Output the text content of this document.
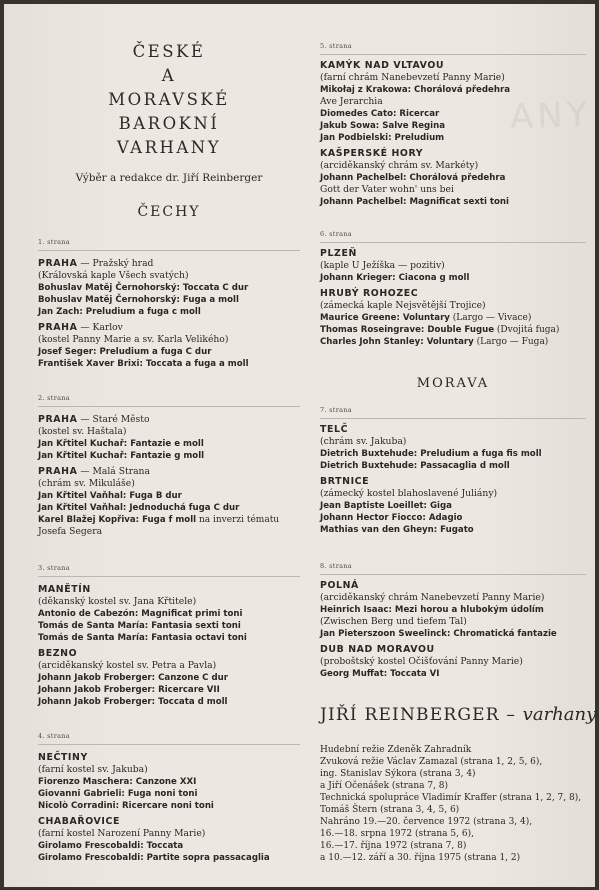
ANY
ČESKÉ
A
MORAVSKÉ
BAROKNÍ
VARHANY
Výběr a redakce dr. Jiří Reinberger
ČECHY
1. strana
PRAHA — Pražský hrad
(Královská kaple Všech svatých)
Bohuslav Matěj Černohorský: Toccata C dur
Bohuslav Matěj Černohorský: Fuga a moll
Jan Zach: Preludium a fuga c moll
PRAHA — Karlov
(kostel Panny Marie a sv. Karla Velikého)
Josef Seger: Preludium a fuga C dur
František Xaver Brixi: Toccata a fuga a moll
2. strana
PRAHA — Staré Město
(kostel sv. Haštala)
Jan Křtitel Kuchař: Fantazie e moll
Jan Křtitel Kuchař: Fantazie g moll
PRAHA — Malá Strana
(chrám sv. Mikuláše)
Jan Křtitel Vaňhal: Fuga B dur
Jan Křtitel Vaňhal: Jednoduchá fuga C dur
Karel Blažej Kopřiva: Fuga f moll na inverzi tématu
Josefa Segera
3. strana
MANĚTÍN
(děkanský kostel sv. Jana Křtitele)
Antonio de Cabezón: Magnificat primi toni
Tomás de Santa María: Fantasia sexti toni
Tomás de Santa María: Fantasia octavi toni
BEZNO
(arciděkanský kostel sv. Petra a Pavla)
Johann Jakob Froberger: Canzone C dur
Johann Jakob Froberger: Ricercare VII
Johann Jakob Froberger: Toccata d moll
4. strana
NEČTINY
(farní kostel sv. Jakuba)
Fiorenzo Maschera: Canzone XXI
Giovanni Gabrieli: Fuga noni toni
Nicolò Corradini: Ricercare noni toni
CHABAŘOVICE
(farní kostel Narození Panny Marie)
Girolamo Frescobaldi: Toccata
Girolamo Frescobaldi: Partite sopra passacaglia
5. strana
KAMÝK NAD VLTAVOU
(farní chrám Nanebevzetí Panny Marie)
Mikołaj z Krakowa: Chorálová předehra
Ave Jerarchia
Diomedes Cato: Ricercar
Jakub Sowa: Salve Regina
Jan Podbielski: Preludium
KAŠPERSKÉ HORY
(arciděkanský chrám sv. Markéty)
Johann Pachelbel: Chorálová předehra
Gott der Vater wohn' uns bei
Johann Pachelbel: Magnificat sexti toni
6. strana
PLZEŇ
(kaple U Ježíška — pozitiv)
Johann Krieger: Ciacona g moll
HRUBÝ ROHOZEC
(zámecká kaple Nejsvětější Trojice)
Maurice Greene: Voluntary (Largo — Vivace)
Thomas Roseingrave: Double Fugue (Dvojitá fuga)
Charles John Stanley: Voluntary (Largo — Fuga)
MORAVA
7. strana
TELČ
(chrám sv. Jakuba)
Dietrich Buxtehude: Preludium a fuga fis moll
Dietrich Buxtehude: Passacaglia d moll
BRTNICE
(zámecký kostel blahoslavené Juliány)
Jean Baptiste Loeillet: Giga
Johann Hector Fiocco: Adagio
Mathias van den Gheyn: Fugato
8. strana
POLNÁ
(arciděkanský chrám Nanebevzetí Panny Marie)
Heinrich Isaac: Mezi horou a hlubokým údolím
(Zwischen Berg und tiefem Tal)
Jan Pieterszoon Sweelinck: Chromatická fantazie
DUB NAD MORAVOU
(proboštský kostel Očišťování Panny Marie)
Georg Muffat: Toccata VI
JIŘÍ REINBERGER – varhany
Hudební režie Zdeněk Zahradník
Zvuková režie Václav Zamazal (strana 1, 2, 5, 6),
ing. Stanislav Sýkora (strana 3, 4)
a Jiří Očenášek (strana 7, 8)
Technická spolupráce Vladimír Kraffer (strana 1, 2, 7, 8),
Tomáš Štern (strana 3, 4, 5, 6)
Nahráno 19.—20. července 1972 (strana 3, 4),
16.—18. srpna 1972 (strana 5, 6),
16.—17. října 1972 (strana 7, 8)
a 10.—12. září a 30. října 1975 (strana 1, 2)
